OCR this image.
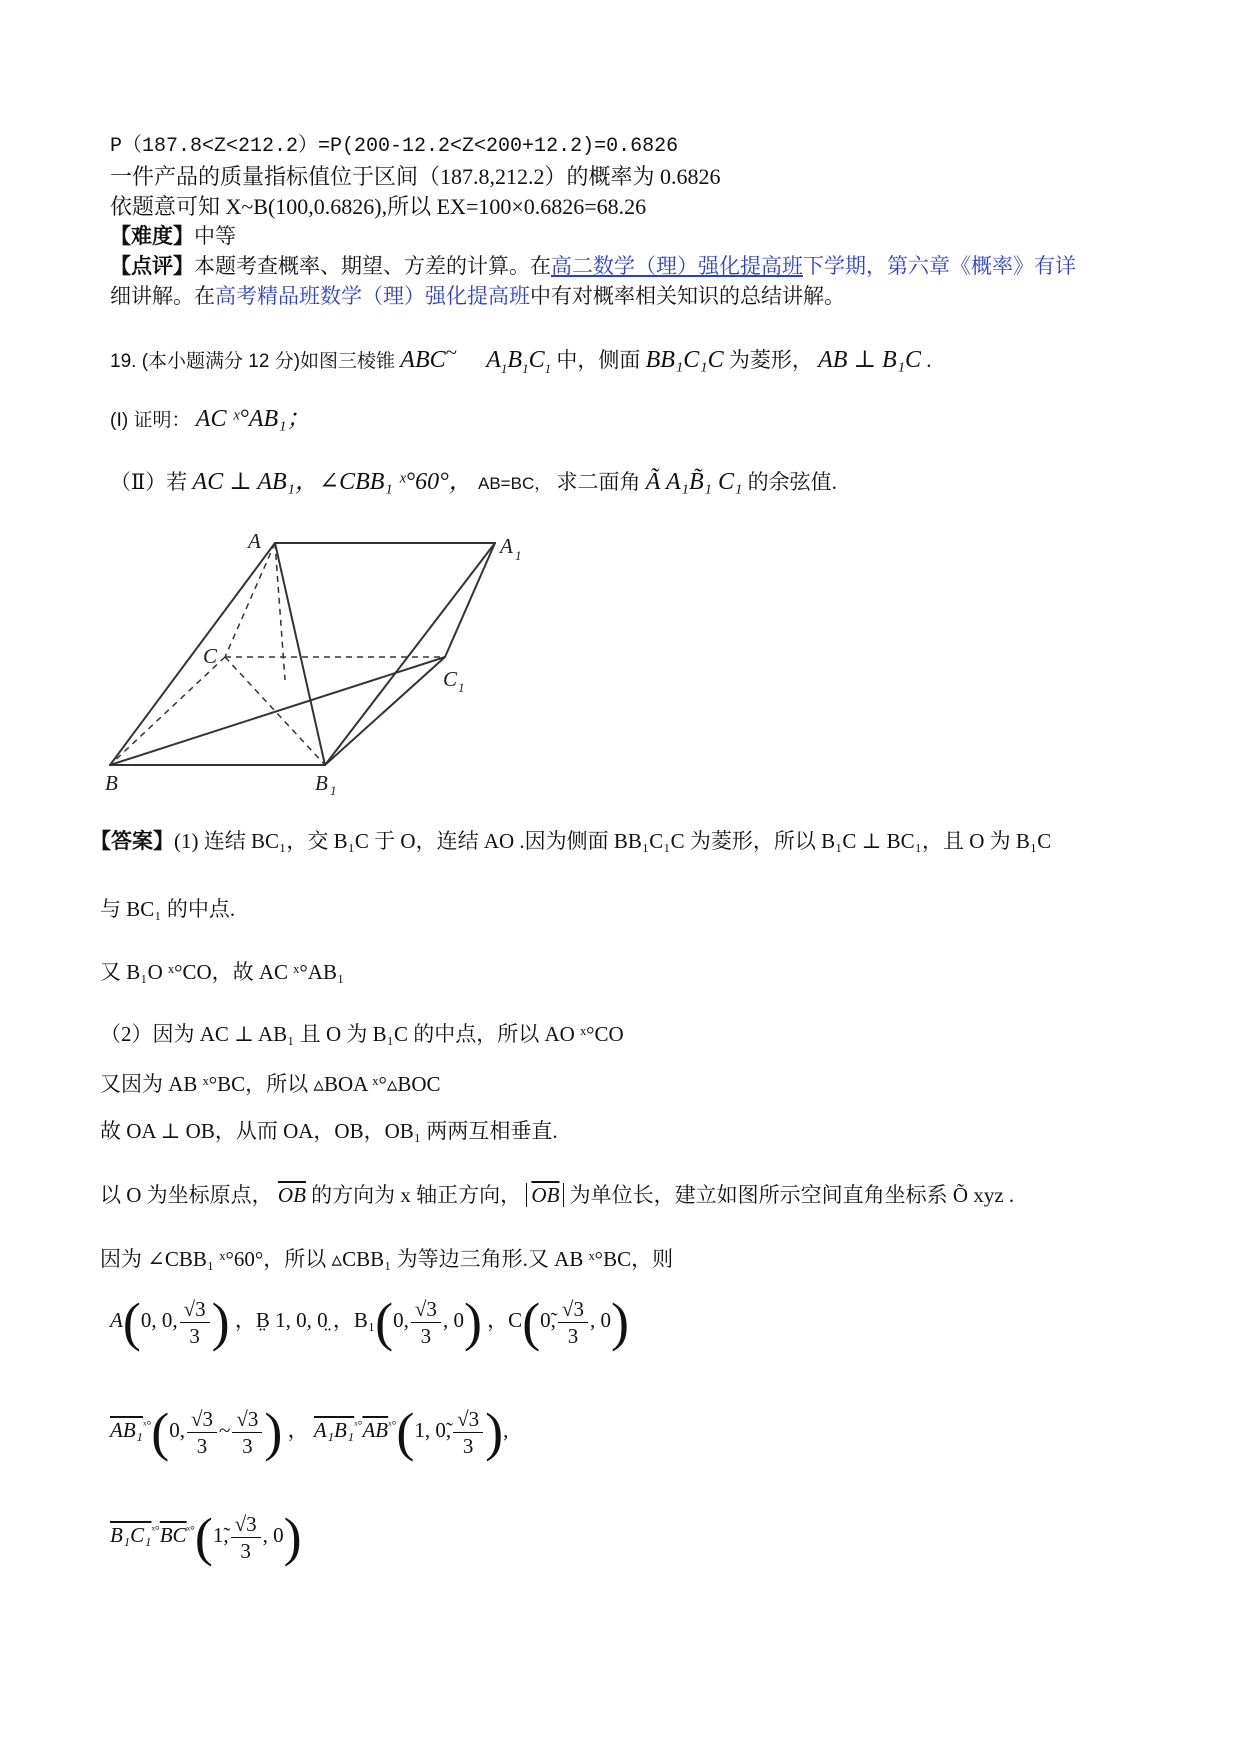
P（187.8<Z<212.2）=P(200-12.2<Z<200+12.2)=0.6826
一件产品的质量指标值位于区间（187.8,212.2）的概率为 0.6826
依题意可知 X~B(100,0.6826),所以 EX=100×0.6826=68.26
【难度】中等
【点评】本题考查概率、期望、方差的计算。在高二数学（理）强化提高班下学期，第六章《概率》有详
细讲解。在高考精品班数学（理）强化提高班中有对概率相关知识的总结讲解。
19. (本小题满分 12 分)如图三棱锥 ABC~ $A_1B_1C_1$ 中，侧面 BB₁C₁C 为菱形， AB ⊥ B₁C .
(Ⅰ) 证明： AC ˣ°AB₁；
（Ⅱ）若 AC ⊥ AB₁，∠CBB₁ ˣ°60°， AB=BC， 求二面角 Ã A₁B̃₁ C₁ 的余弦值.
A	A 1
C
C 1
B	B 1
【答案】(1) 连结 BC₁，交 B₁C 于 O，连结 AO .因为侧面 BB₁C₁C 为菱形，所以 B₁C ⊥ BC₁，且 O 为 B₁C
与 BC₁ 的中点.
又 B₁O ˣ°CO，故 AC ˣ°AB₁
（2）因为 AC ⊥ AB₁ 且 O 为 B₁C 的中点，所以 AO ˣ°CO
又因为 AB ˣ°BC，所以 ▵BOA ˣ°▵BOC
故 OA ⊥ OB，从而 OA，OB，OB₁ 两两互相垂直.
以 O 为坐标原点， $\overline{OB}$ 的方向为 x 轴正方向， $\overline{OB}$ 为单位长，建立如图所示空间直角坐标系 Õ xyz .
因为 ∠CBB₁ ˣ°60°，所以 ▵CBB₁ 为等边三角形.又 AB ˣ°BC，则
A(0, 0, $\frac{√3}{3}$ ) ，B̤ 1, 0, 0̤ ，B₁(0, $\frac{√3}{3}$ , 0) ，C(0̃, $\frac{√3}{3}$ , 0)
AB₁$^{ˣ^\circ}$(0, $\frac{√3}{3}$ ~ $\frac{√3}{3}$ ) ， $A_1B_1^{ˣ^\circ}\overline{AB}^{ˣ^\circ}(1$, 0̃, $\frac{√3}{3}$ ),
$B_1C_1^{ˣ^\circ}\overline{BC}^{ˣ^\circ}(1̃$, $\frac{√3}{3}$ , 0)
